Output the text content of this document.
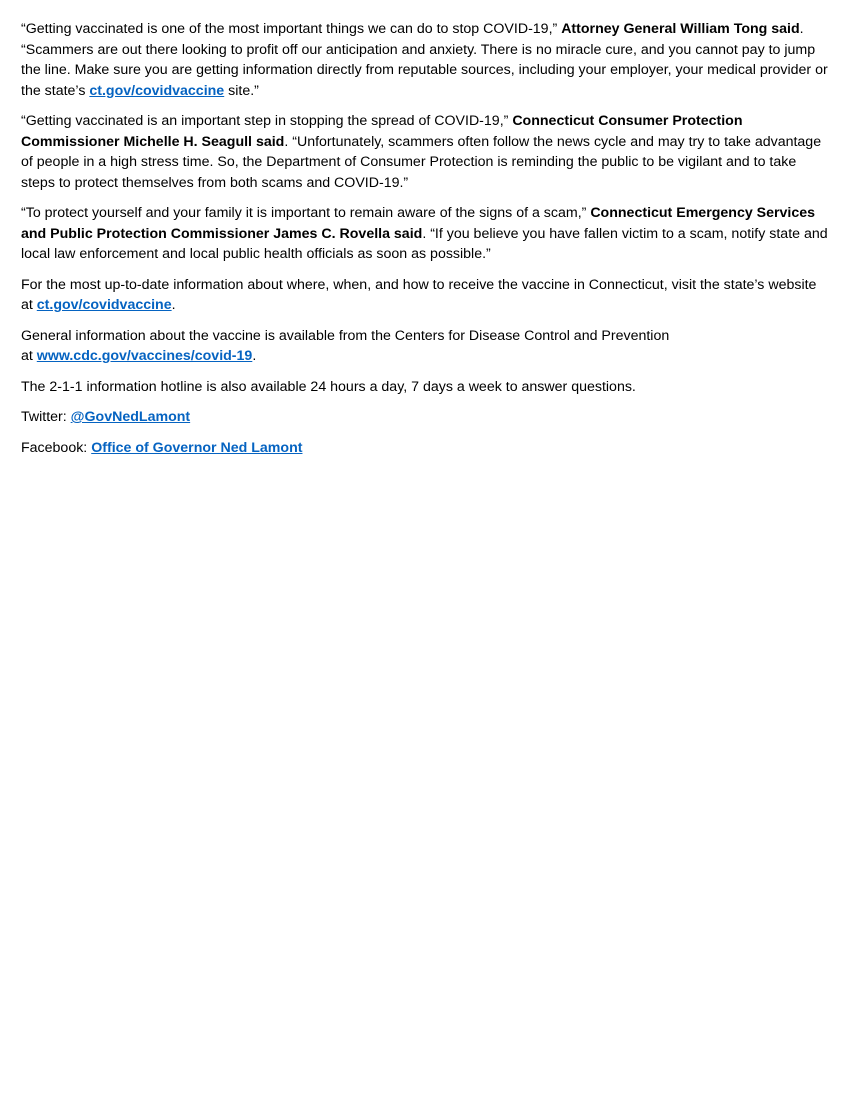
“Getting vaccinated is one of the most important things we can do to stop COVID-19,” Attorney General William Tong said. “Scammers are out there looking to profit off our anticipation and anxiety. There is no miracle cure, and you cannot pay to jump the line. Make sure you are getting information directly from reputable sources, including your employer, your medical provider or the state’s ct.gov/covidvaccine site.”

“Getting vaccinated is an important step in stopping the spread of COVID-19,” Connecticut Consumer Protection Commissioner Michelle H. Seagull said. “Unfortunately, scammers often follow the news cycle and may try to take advantage of people in a high stress time. So, the Department of Consumer Protection is reminding the public to be vigilant and to take steps to protect themselves from both scams and COVID-19.”

“To protect yourself and your family it is important to remain aware of the signs of a scam,” Connecticut Emergency Services and Public Protection Commissioner James C. Rovella said. “If you believe you have fallen victim to a scam, notify state and local law enforcement and local public health officials as soon as possible.”

For the most up-to-date information about where, when, and how to receive the vaccine in Connecticut, visit the state’s website at ct.gov/covidvaccine.

General information about the vaccine is available from the Centers for Disease Control and Prevention
at www.cdc.gov/vaccines/covid-19.

The 2-1-1 information hotline is also available 24 hours a day, 7 days a week to answer questions.

Twitter: @GovNedLamont

Facebook: Office of Governor Ned Lamont
